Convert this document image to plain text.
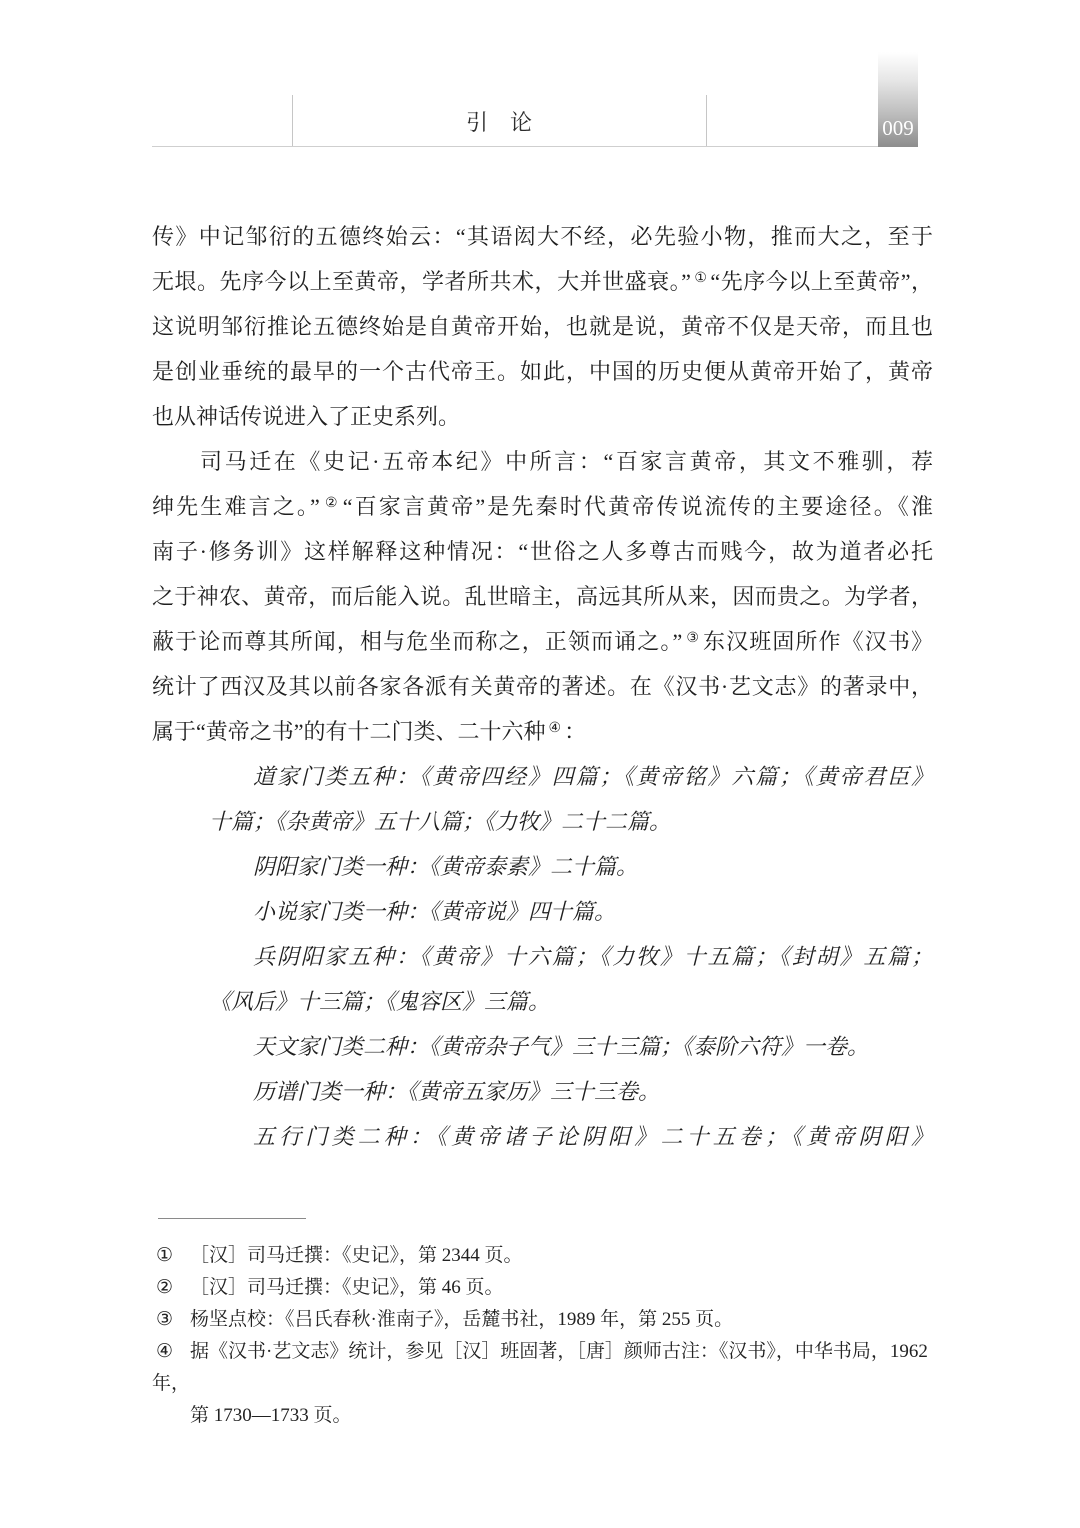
引　论	009
传》中记邹衍的五德终始云：“其语闳大不经，必先验小物，推而大之，至于
无垠。先序今以上至黄帝，学者所共术，大并世盛衰。” ① “先序今以上至黄帝”，
这说明邹衍推论五德终始是自黄帝开始，也就是说，黄帝不仅是天帝，而且也
是创业垂统的最早的一个古代帝王。如此，中国的历史便从黄帝开始了，黄帝
也从神话传说进入了正史系列。
司马迁在《史记·五帝本纪》中所言：“百家言黄帝，其文不雅驯，荐
绅先生难言之。” ② “百家言黄帝”是先秦时代黄帝传说流传的主要途径。《淮
南子·修务训》这样解释这种情况：“世俗之人多尊古而贱今，故为道者必托
之于神农、黄帝，而后能入说。乱世暗主，高远其所从来，因而贵之。为学者，
蔽于论而尊其所闻，相与危坐而称之，正领而诵之。” ③ 东汉班固所作《汉书》
统计了西汉及其以前各家各派有关黄帝的著述。在《汉书·艺文志》的著录中，
属于“黄帝之书”的有十二门类、二十六种 ④ ：
道家门类五种：《黄帝四经》四篇；《黄帝铭》六篇；《黄帝君臣》
十篇；《杂黄帝》五十八篇；《力牧》二十二篇。
阴阳家门类一种：《黄帝泰素》二十篇。
小说家门类一种：《黄帝说》四十篇。
兵阴阳家五种：《黄帝》十六篇；《力牧》十五篇；《封胡》五篇；
《风后》十三篇；《鬼容区》三篇。
天文家门类二种：《黄帝杂子气》三十三篇；《泰阶六符》一卷。
历谱门类一种：《黄帝五家历》三十三卷。
五行门类二种：《黄帝诸子论阴阳》二十五卷；《黄帝阴阳》
① ［汉］司马迁撰：《史记》，第 2344 页。
② ［汉］司马迁撰：《史记》，第 46 页。
③ 杨坚点校：《吕氏春秋·淮南子》，岳麓书社，1989 年，第 255 页。
④ 据《汉书·艺文志》统计，参见［汉］班固著，［唐］颜师古注：《汉书》，中华书局，1962 年，
第 1730—1733 页。
